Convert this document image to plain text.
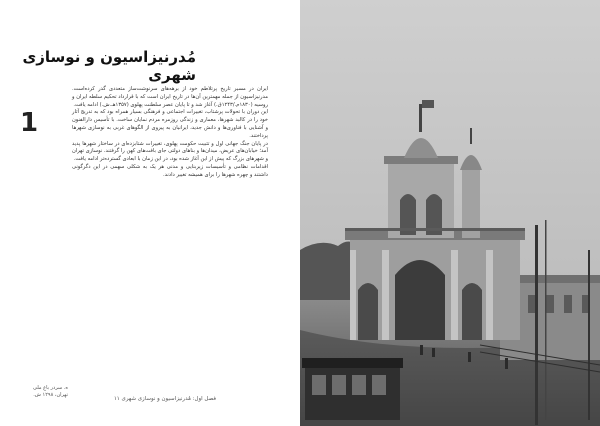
مُدرنیزاسیون و نوسازی شهری
1

ایران در مسیر تاریخ پرتلاطم خود از برهه‌های سرنوشت‌ساز متعددی گذر کرده‌است. مدرنیزاسیون از جمله مهمترین آن‌ها در تاریخ ایران است که با قرارداد تحکیم سلطه ایران و روسیه (۱۸۳۰م./۱۲۴۳ق.) آغاز شد و تا پایان عصر سلطنت پهلوی (۱۳۵۷هـ.ش.) ادامه یافت.

این دوران با تحولات پرشتاب، تغییرات اجتماعی و فرهنگی بسیار همراه بود که به تدریج آثار خود را در کالبد شهرها، معماری و زندگی روزمره مردم نمایان ساخت. با تأسیس دارالفنون و آشنایی با فناوری‌ها و دانش جدید، ایرانیان به پیروی از الگوهای غربی به نوسازی شهرها پرداختند.

در پایان جنگ جهانی اول و تثبیت حکومت پهلوی، تغییرات شتابزده‌ای در ساختار شهرها پدید آمد؛ خیابان‌های عریض، میدان‌ها و بناهای دولتی جای بافت‌های کهن را گرفتند. نوسازی تهران و شهرهای بزرگ که پیش از این آغاز شده بود، در این زمان با ابعادی گسترده‌تر ادامه یافت.

اقدامات نظامی و تأسیسات زیربنایی و مدنی هر یک به شکلی سهمی در این دگرگونی داشتند و چهره شهرها را برای همیشه تغییر دادند.

ه. سردر باغ ملی
تهران، ۱۲۹۸ ش.
فصل اول: مُدرنیزاسیون و نوسازی شهری ۱۱
